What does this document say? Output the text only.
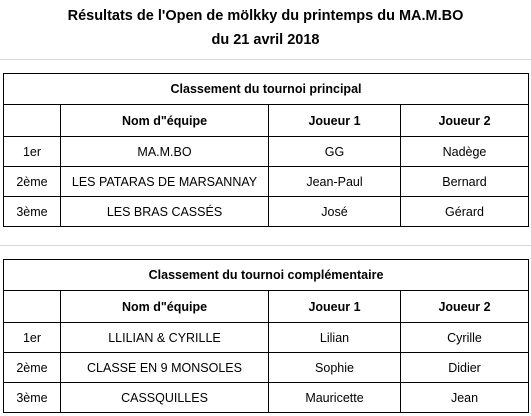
Résultats de l'Open de mölkky du printemps du MA.M.BO
du 21 avril 2018
Classement du tournoi principal			
	Nom d"équipe	Joueur 1	Joueur 2
1er	MA.M.BO	GG	Nadège
2ème	LES PATARAS DE MARSANNAY	Jean-Paul	Bernard
3ème	LES BRAS CASSÉS	José	Gérard
Classement du tournoi complémentaire			
	Nom d"équipe	Joueur 1	Joueur 2
1er	LLILIAN & CYRILLE	Lilian	Cyrille
2ème	CLASSE EN 9 MONSOLES	Sophie	Didier
3ème	CASSQUILLES	Mauricette	Jean
